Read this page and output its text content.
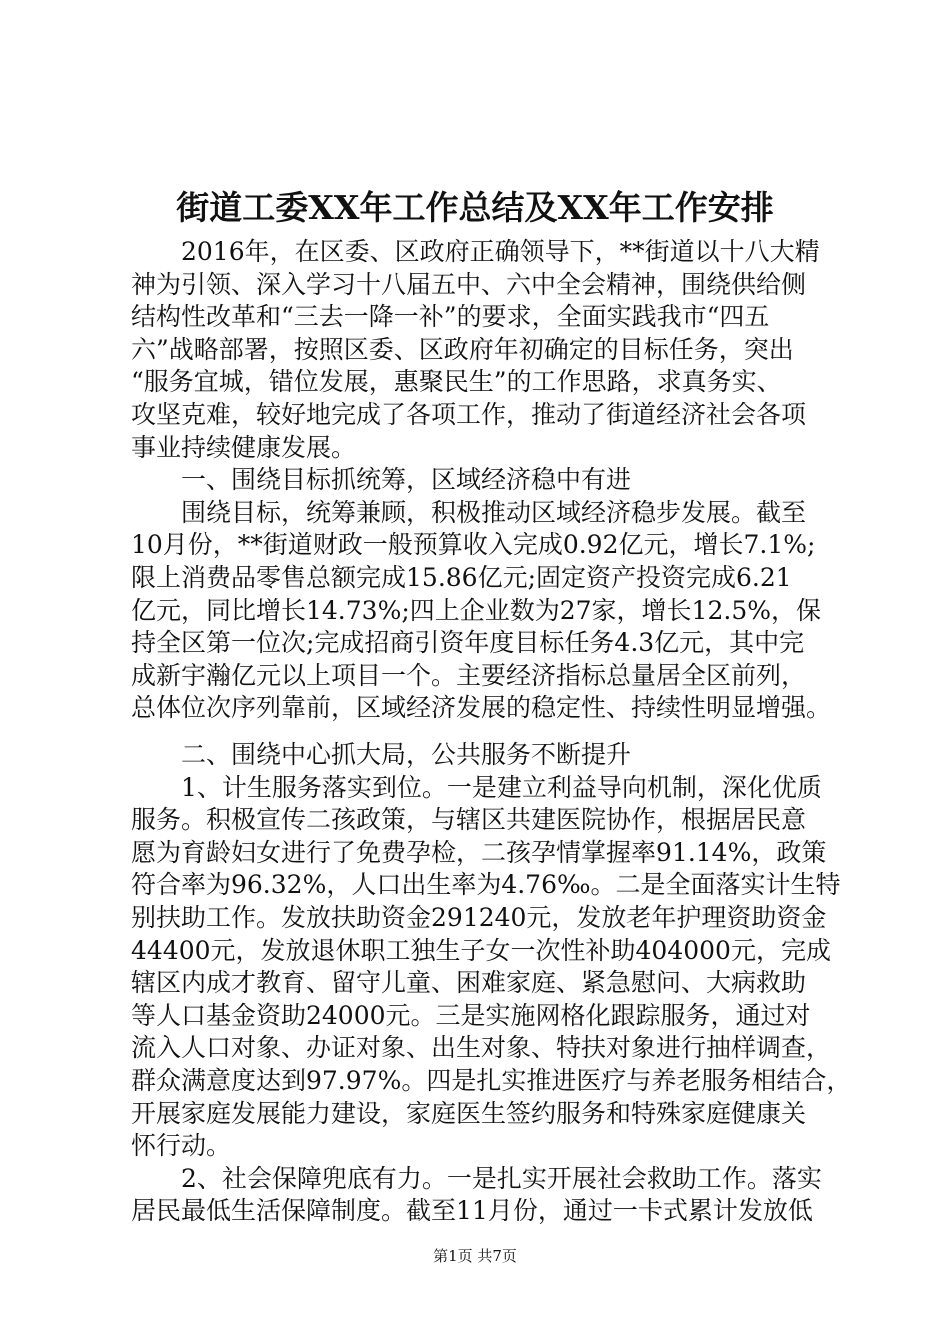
街道工委XX年工作总结及XX年工作安排
　　2016年，在区委、区政府正确领导下，**街道以十八大精
神为引领、深入学习十八届五中、六中全会精神，围绕供给侧
结构性改革和“三去一降一补”的要求，全面实践我市“四五
六”战略部署，按照区委、区政府年初确定的目标任务，突出
“服务宜城，错位发展，惠聚民生”的工作思路，求真务实、
攻坚克难，较好地完成了各项工作，推动了街道经济社会各项
事业持续健康发展。
　　一、围绕目标抓统筹，区域经济稳中有进
　　围绕目标，统筹兼顾，积极推动区域经济稳步发展。截至
10月份，**街道财政一般预算收入完成0.92亿元，增长7.1%;
限上消费品零售总额完成15.86亿元;固定资产投资完成6.21
亿元，同比增长14.73%;四上企业数为27家，增长12.5%，保
持全区第一位次;完成招商引资年度目标任务4.3亿元，其中完
成新宇瀚亿元以上项目一个。主要经济指标总量居全区前列，
总体位次序列靠前，区域经济发展的稳定性、持续性明显增强。
　　二、围绕中心抓大局，公共服务不断提升
　　1、计生服务落实到位。一是建立利益导向机制，深化优质
服务。积极宣传二孩政策，与辖区共建医院协作，根据居民意
愿为育龄妇女进行了免费孕检，二孩孕情掌握率91.14%，政策
符合率为96.32%，人口出生率为4.76‰。二是全面落实计生特
别扶助工作。发放扶助资金291240元，发放老年护理资助资金
44400元，发放退休职工独生子女一次性补助404000元，完成
辖区内成才教育、留守儿童、困难家庭、紧急慰问、大病救助
等人口基金资助24000元。三是实施网格化跟踪服务，通过对
流入人口对象、办证对象、出生对象、特扶对象进行抽样调查，
群众满意度达到97.97%。四是扎实推进医疗与养老服务相结合，
开展家庭发展能力建设，家庭医生签约服务和特殊家庭健康关
怀行动。
　　2、社会保障兜底有力。一是扎实开展社会救助工作。落实
第1页 共7页
居民最低生活保障制度。截至11月份，通过一卡式累计发放低
